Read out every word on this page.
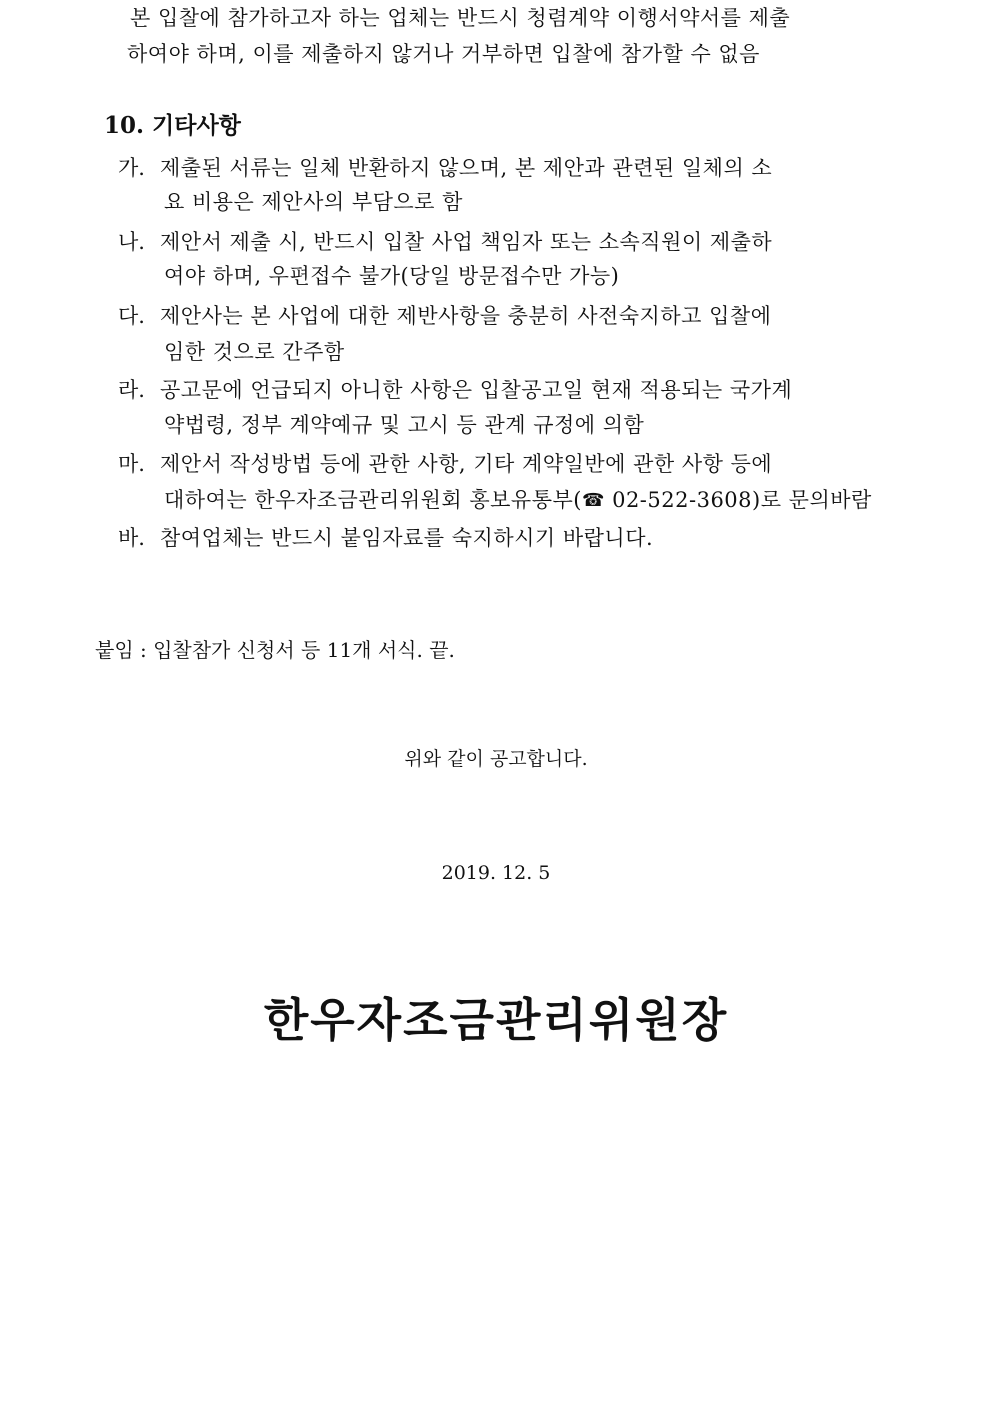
본 입찰에 참가하고자 하는 업체는 반드시 청렴계약 이행서약서를 제출
하여야 하며, 이를 제출하지 않거나 거부하면 입찰에 참가할 수 없음
10. 기타사항
가. 제출된 서류는 일체 반환하지 않으며, 본 제안과 관련된 일체의 소
요 비용은 제안사의 부담으로 함
나. 제안서 제출 시, 반드시 입찰 사업 책임자 또는 소속직원이 제출하
여야 하며, 우편접수 불가(당일 방문접수만 가능)
다. 제안사는 본 사업에 대한 제반사항을 충분히 사전숙지하고 입찰에
임한 것으로 간주함
라. 공고문에 언급되지 아니한 사항은 입찰공고일 현재 적용되는 국가계
약법령, 정부 계약예규 및 고시 등 관계 규정에 의함
마. 제안서 작성방법 등에 관한 사항, 기타 계약일반에 관한 사항 등에
대하여는 한우자조금관리위원회 홍보유통부(☎ 02-522-3608)로 문의바람
바. 참여업체는 반드시 붙임자료를 숙지하시기 바랍니다.
붙임 : 입찰참가 신청서 등 11개 서식. 끝.
위와 같이 공고합니다.
2019. 12. 5
한우자조금관리위원장
